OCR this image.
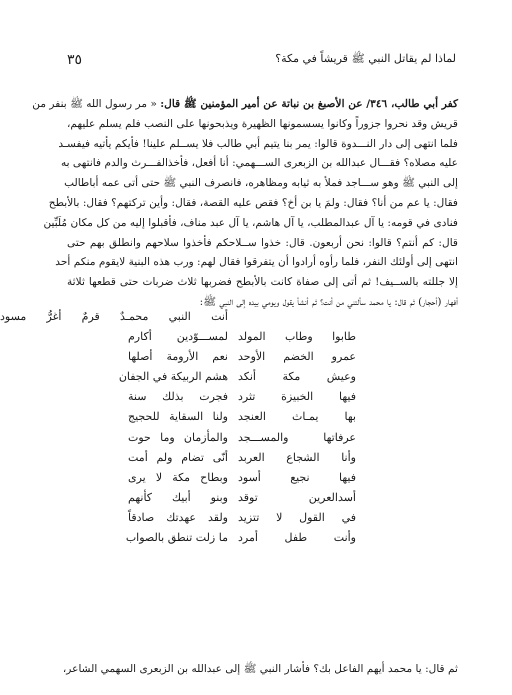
لماذا لم يقاتل النبي ﷺ قريشاً في مكة؟
٣٥

كفر أبي طالب، ٣٤٦/ عن الأصبغ بن نباتة عن أمير المؤمنين ﷺ قال: « مر رسول الله ﷺ بنفر من

قريش وقد نحروا جزوراً وكانوا يسسمونها الظهيرة ويذبحونها على النصب فلم يسلم عليهم،

فلما انتهى إلى دار النـــدوة قالوا: يمر بنا يتيم أبي طالب فلا يســلم علينا! فأيكم يأتيه فيفسـد

عليه مصلاه؟ فقـــال عبدالله بن الزبعرى الســـهمي: أنا أفعل، فأخذالفـــرث والدم فانتهى به

إلى النبي ﷺ وهو ســـاجد فملأ به ثيابه ومظاهره، فانصرف النبي ﷺ حتى أتى عمه أباطالب

فقال: يا عم من أنا؟ فقال: ولمَ يا بن أخ؟ فقص عليه القصة، فقال: وأين تركتهم؟ فقال: بالأبطح

فنادى في قومه: يا آل عبدالمطلب، يا آل هاشم، يا آل عبد مناف، فأقبلوا إليه من كل مكان مُلَبِّين

قال: كم أنتم؟ قالوا: نحن أربعون. قال: خذوا ســلاحكم فأخذوا سلاحهم وانطلق بهم حتى

انتهى إلى أولئك النفر، فلما رأوه أرادوا أن يتفرقوا فقال لهم: ورب هذه البنية لايقوم منكم أحد

إلا جللته بالســيف! ثم أتى إلى صفاة كانت بالأبطح فضربها ثلاث ضربات حتى قطعها ثلاثة

أفهار (أحجار) ثم قال: يا محمد سألتني من أنت؟ ثم أنشأ يقول ويومي بيده إلى النبي ﷺ:

أنت النبي محمـدٌ قرمٌ أغرُّ مسود
لمســـوّدين أكارم طابوا وطاب المولد
نعم الأرومة أصلها عمرو الخضم الأوحد
هشم الربيكة في الجفان وعيش مكة أنكد
فجرت بذلك سنة فيها الخبيزة تثرد
ولنا السقاية للحجيج بها يمـاث العنجد
والمأزمان وما حوت عرفاتها والمســـجد
أنّى تضام ولم أمت وأنا الشجاع العربد
وبطاح مكة لا يرى فيها نجيع أسود
وبنو أبيك كأنهم أسدالعرين توقد
ولقد عهدتك صادقاً في القول لا تتزيد
ما زلت تنطق بالصواب وأنت طفل أمرد
ثم قال: يا محمد أيهم الفاعل بك؟ فأشار النبي ﷺ إلى عبدالله بن الزبعرى السهمي الشاعر،
